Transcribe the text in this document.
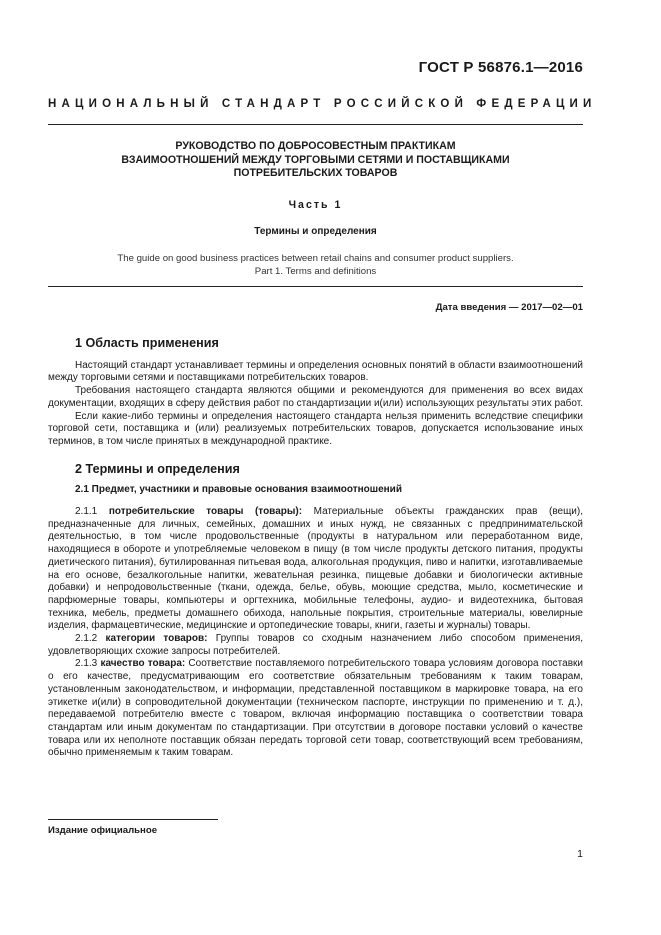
ГОСТ Р 56876.1—2016
НАЦИОНАЛЬНЫЙ СТАНДАРТ РОССИЙСКОЙ ФЕДЕРАЦИИ
РУКОВОДСТВО ПО ДОБРОСОВЕСТНЫМ ПРАКТИКАМ
ВЗАИМООТНОШЕНИЙ МЕЖДУ ТОРГОВЫМИ СЕТЯМИ И ПОСТАВЩИКАМИ
ПОТРЕБИТЕЛЬСКИХ ТОВАРОВ
Часть 1
Термины и определения
The guide on good business practices between retail chains and consumer product suppliers.
Part 1. Terms and definitions
Дата введения — 2017—02—01
1 Область применения

Настоящий стандарт устанавливает термины и определения основных понятий в области взаимоотношений между торговыми сетями и поставщиками потребительских товаров.

Требования настоящего стандарта являются общими и рекомендуются для применения во всех видах документации, входящих в сферу действия работ по стандартизации и(или) использующих результаты этих работ.

Если какие-либо термины и определения настоящего стандарта нельзя применить вследствие специфики торговой сети, поставщика и (или) реализуемых потребительских товаров, допускается использование иных терминов, в том числе принятых в международной практике.

2 Термины и определения
2.1 Предмет, участники и правовые основания взаимоотношений

2.1.1 потребительские товары (товары): Материальные объекты гражданских прав (вещи), предназначенные для личных, семейных, домашних и иных нужд, не связанных с предпринимательской деятельностью, в том числе продовольственные (продукты в натуральном или переработанном виде, находящиеся в обороте и употребляемые человеком в пищу (в том числе продукты детского питания, продукты диетического питания), бутилированная питьевая вода, алкогольная продукция, пиво и напитки, изготавливаемые на его основе, безалкогольные напитки, жевательная резинка, пищевые добавки и биологически активные добавки) и непродовольственные (ткани, одежда, белье, обувь, моющие средства, мыло, косметические и парфюмерные товары, компьютеры и оргтехника, мобильные телефоны, аудио- и видеотехника, бытовая техника, мебель, предметы домашнего обихода, напольные покрытия, строительные материалы, ювелирные изделия, фармацевтические, медицинские и ортопедические товары, книги, газеты и журналы) товары.

2.1.2 категории товаров: Группы товаров со сходным назначением либо способом применения, удовлетворяющих схожие запросы потребителей.

2.1.3 качество товара: Соответствие поставляемого потребительского товара условиям договора поставки о его качестве, предусматривающим его соответствие обязательным требованиям к таким товарам, установленным законодательством, и информации, представленной поставщиком в маркировке товара, на его этикетке и(или) в сопроводительной документации (техническом паспорте, инструкции по применению и т. д.), передаваемой потребителю вместе с товаром, включая информацию поставщика о соответствии товара стандартам или иным документам по стандартизации. При отсутствии в договоре поставки условий о качестве товара или их неполноте поставщик обязан передать торговой сети товар, соответствующий всем требованиям, обычно применяемым к таким товарам.

Издание официальное
1
